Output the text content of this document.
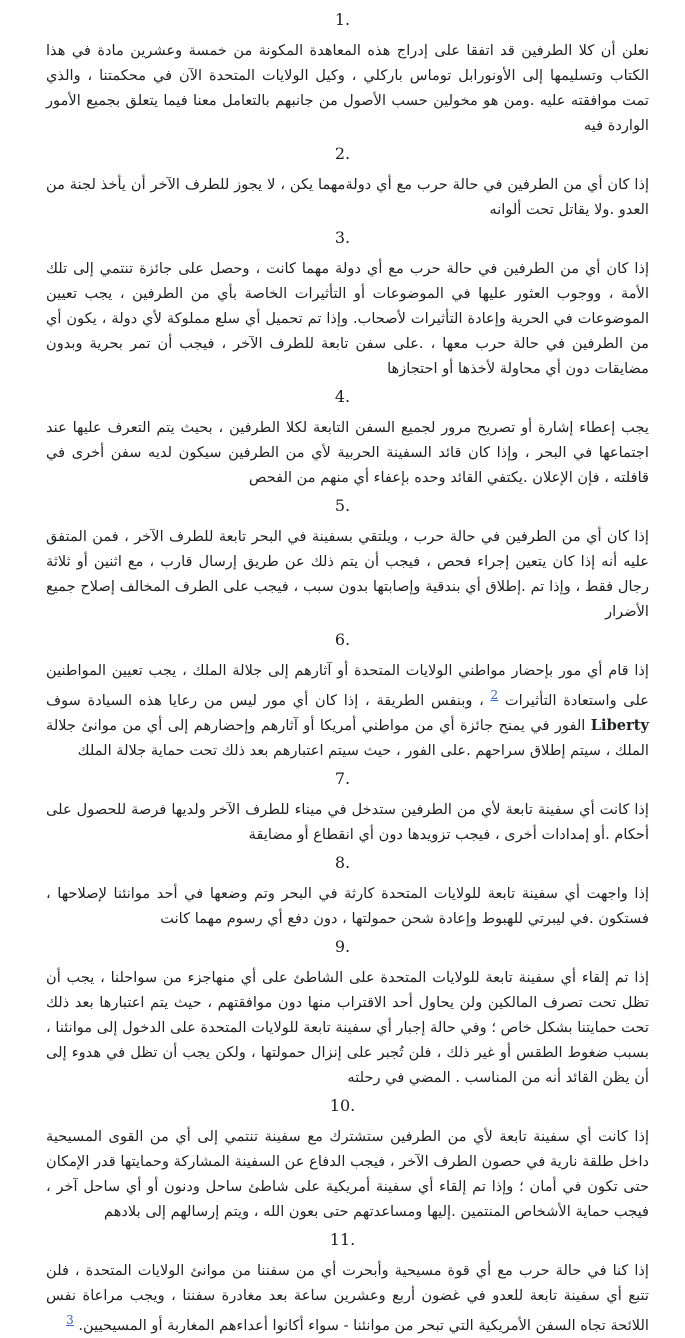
.1
نعلن أن كلا الطرفين قد اتفقا على إدراج هذه المعاهدة المكونة من خمسة وعشرين مادة في هذا الكتاب وتسليمها إلى الأونورابل توماس باركلي ، وكيل الولايات المتحدة الآن في محكمتنا ، والذي تمت موافقته عليه .ومن هو مخولين حسب الأصول من جانبهم بالتعامل معنا فيما يتعلق بجميع الأمور الواردة فيه
.2
إذا كان أي من الطرفين في حالة حرب مع أي دولةمهما يكن ، لا يجوز للطرف الآخر أن يأخذ لجنة من العدو .ولا يقاتل تحت ألوانه
.3
إذا كان أي من الطرفين في حالة حرب مع أي دولة مهما كانت ، وحصل على جائزة تنتمي إلى تلك الأمة ، ووجوب العثور عليها في الموضوعات أو التأثيرات الخاصة بأي من الطرفين ، يجب تعيين الموضوعات في الحرية وإعادة التأثيرات لأصحاب. وإذا تم تحميل أي سلع مملوكة لأي دولة ، يكون أي من الطرفين في حالة حرب معها ، .على سفن تابعة للطرف الآخر ، فيجب أن تمر بحرية وبدون مضايقات دون أي محاولة لأخذها أو احتجازها
.4
يجب إعطاء إشارة أو تصريح مرور لجميع السفن التابعة لكلا الطرفين ، بحيث يتم التعرف عليها عند اجتماعها في البحر ، وإذا كان قائد السفينة الحربية لأي من الطرفين سيكون لديه سفن أخرى في قافلته ، فإن الإعلان .يكتفي القائد وحده بإعفاء أي منهم من الفحص
.5
إذا كان أي من الطرفين في حالة حرب ، ويلتقي بسفينة في البحر تابعة للطرف الآخر ، فمن المتفق عليه أنه إذا كان يتعين إجراء فحص ، فيجب أن يتم ذلك عن طريق إرسال قارب ، مع اثنين أو ثلاثة رجال فقط ، وإذا تم .إطلاق أي بندقية وإصابتها بدون سبب ، فيجب على الطرف المخالف إصلاح جميع الأضرار
.6
إذا قام أي مور بإحضار مواطني الولايات المتحدة أو آثارهم إلى جلالة الملك ، يجب تعيين المواطنين على واستعادة التأثيرات $^2$ ، وبنفس الطريقة ، إذا كان أي مور ليس من رعايا هذه السيادة سوف Liberty الفور في يمنح جائزة أي من مواطني أمريكا أو آثارهم وإحضارهم إلى أي من موانئ جلالة الملك ، سيتم إطلاق سراحهم .على الفور ، حيث سيتم اعتبارهم بعد ذلك تحت حماية جلالة الملك
.7
إذا كانت أي سفينة تابعة لأي من الطرفين ستدخل في ميناء للطرف الآخر ولديها فرصة للحصول على أحكام .أو إمدادات أخرى ، فيجب تزويدها دون أي انقطاع أو مضايقة
.8
إذا واجهت أي سفينة تابعة للولايات المتحدة كارثة في البحر وتم وضعها في أحد موانئنا لإصلاحها ، فستكون .في ليبرتي للهبوط وإعادة شحن حمولتها ، دون دفع أي رسوم مهما كانت
.9
إذا تم إلقاء أي سفينة تابعة للولايات المتحدة على الشاطئ على أي منهاجزء من سواحلنا ، يجب أن تظل تحت تصرف المالكين ولن يحاول أحد الاقتراب منها دون موافقتهم ، حيث يتم اعتبارها بعد ذلك تحت حمايتنا بشكل خاص ؛ وفي حالة إجبار أي سفينة تابعة للولايات المتحدة على الدخول إلى موانئنا ، بسبب ضغوط الطقس أو غير ذلك ، فلن تُجبر على إنزال حمولتها ، ولكن يجب أن تظل في هدوء إلى أن يظن القائد أنه من المناسب . المضي في رحلته
.10
إذا كانت أي سفينة تابعة لأي من الطرفين ستشترك مع سفينة تنتمي إلى أي من القوى المسيحية داخل طلقة نارية في حصون الطرف الآخر ، فيجب الدفاع عن السفينة المشاركة وحمايتها قدر الإمكان حتى تكون في أمان ؛ وإذا تم إلقاء أي سفينة أمريكية على شاطئ ساحل ودنون أو أي ساحل آخر ، فيجب حماية الأشخاص المنتمين .إليها ومساعدتهم حتى بعون الله ، ويتم إرسالهم إلى بلادهم
.11
إذا كنا في حالة حرب مع أي قوة مسيحية وأبحرت أي من سفننا من موانئ الولايات المتحدة ، فلن تتبع أي سفينة تابعة للعدو في غضون أربع وعشرين ساعة بعد مغادرة سفننا ، ويجب مراعاة نفس اللائحة تجاه السفن الأمريكية التي تبحر من موانئنا - سواء أكانوا أعداءهم المغاربة أو المسيحيين. $^3$
